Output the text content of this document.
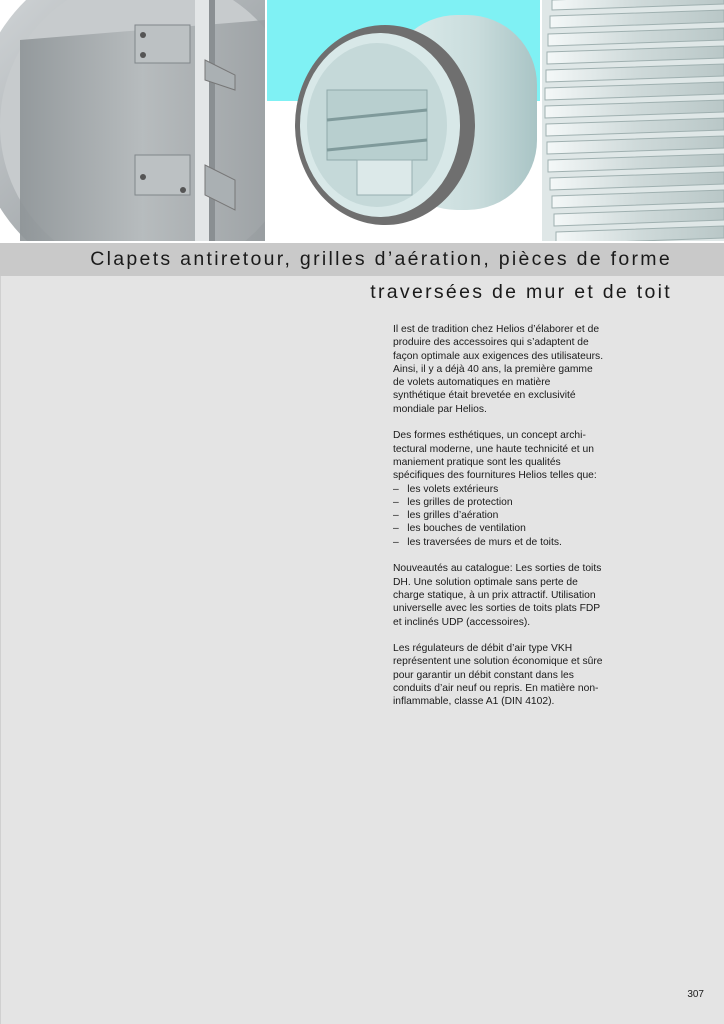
Clapets antiretour, grilles d’aération, pièces de forme
traversées de mur et de toit

Il est de tradition chez Helios d’élaborer et de produire des accessoires qui s’adaptent de façon optimale aux exigences des utilisateurs.
Ainsi, il y a déjà 40 ans, la première gamme de volets automatiques en matière synthétique était brevetée en exclusivité mondiale par Helios.

Des formes esthétiques, un concept architectural moderne, une haute technicité et un maniement pratique sont les qualités spécifiques des fournitures Helios telles que:
–   les volets extérieurs
–   les grilles de protection
–   les grilles d’aération
–   les bouches de ventilation
–   les traversées de murs et de toits.

Nouveautés au catalogue: Les sorties de toits DH. Une solution optimale sans perte de charge statique, à un prix attractif. Utilisation universelle avec les sorties de toits plats FDP et inclinés UDP (accessoires).

Les régulateurs de débit d’air type VKH représentent une solution économique et sûre pour garantir un débit constant dans les conduits d’air neuf ou repris. En matière non-inflammable, classe A1 (DIN 4102).

307
